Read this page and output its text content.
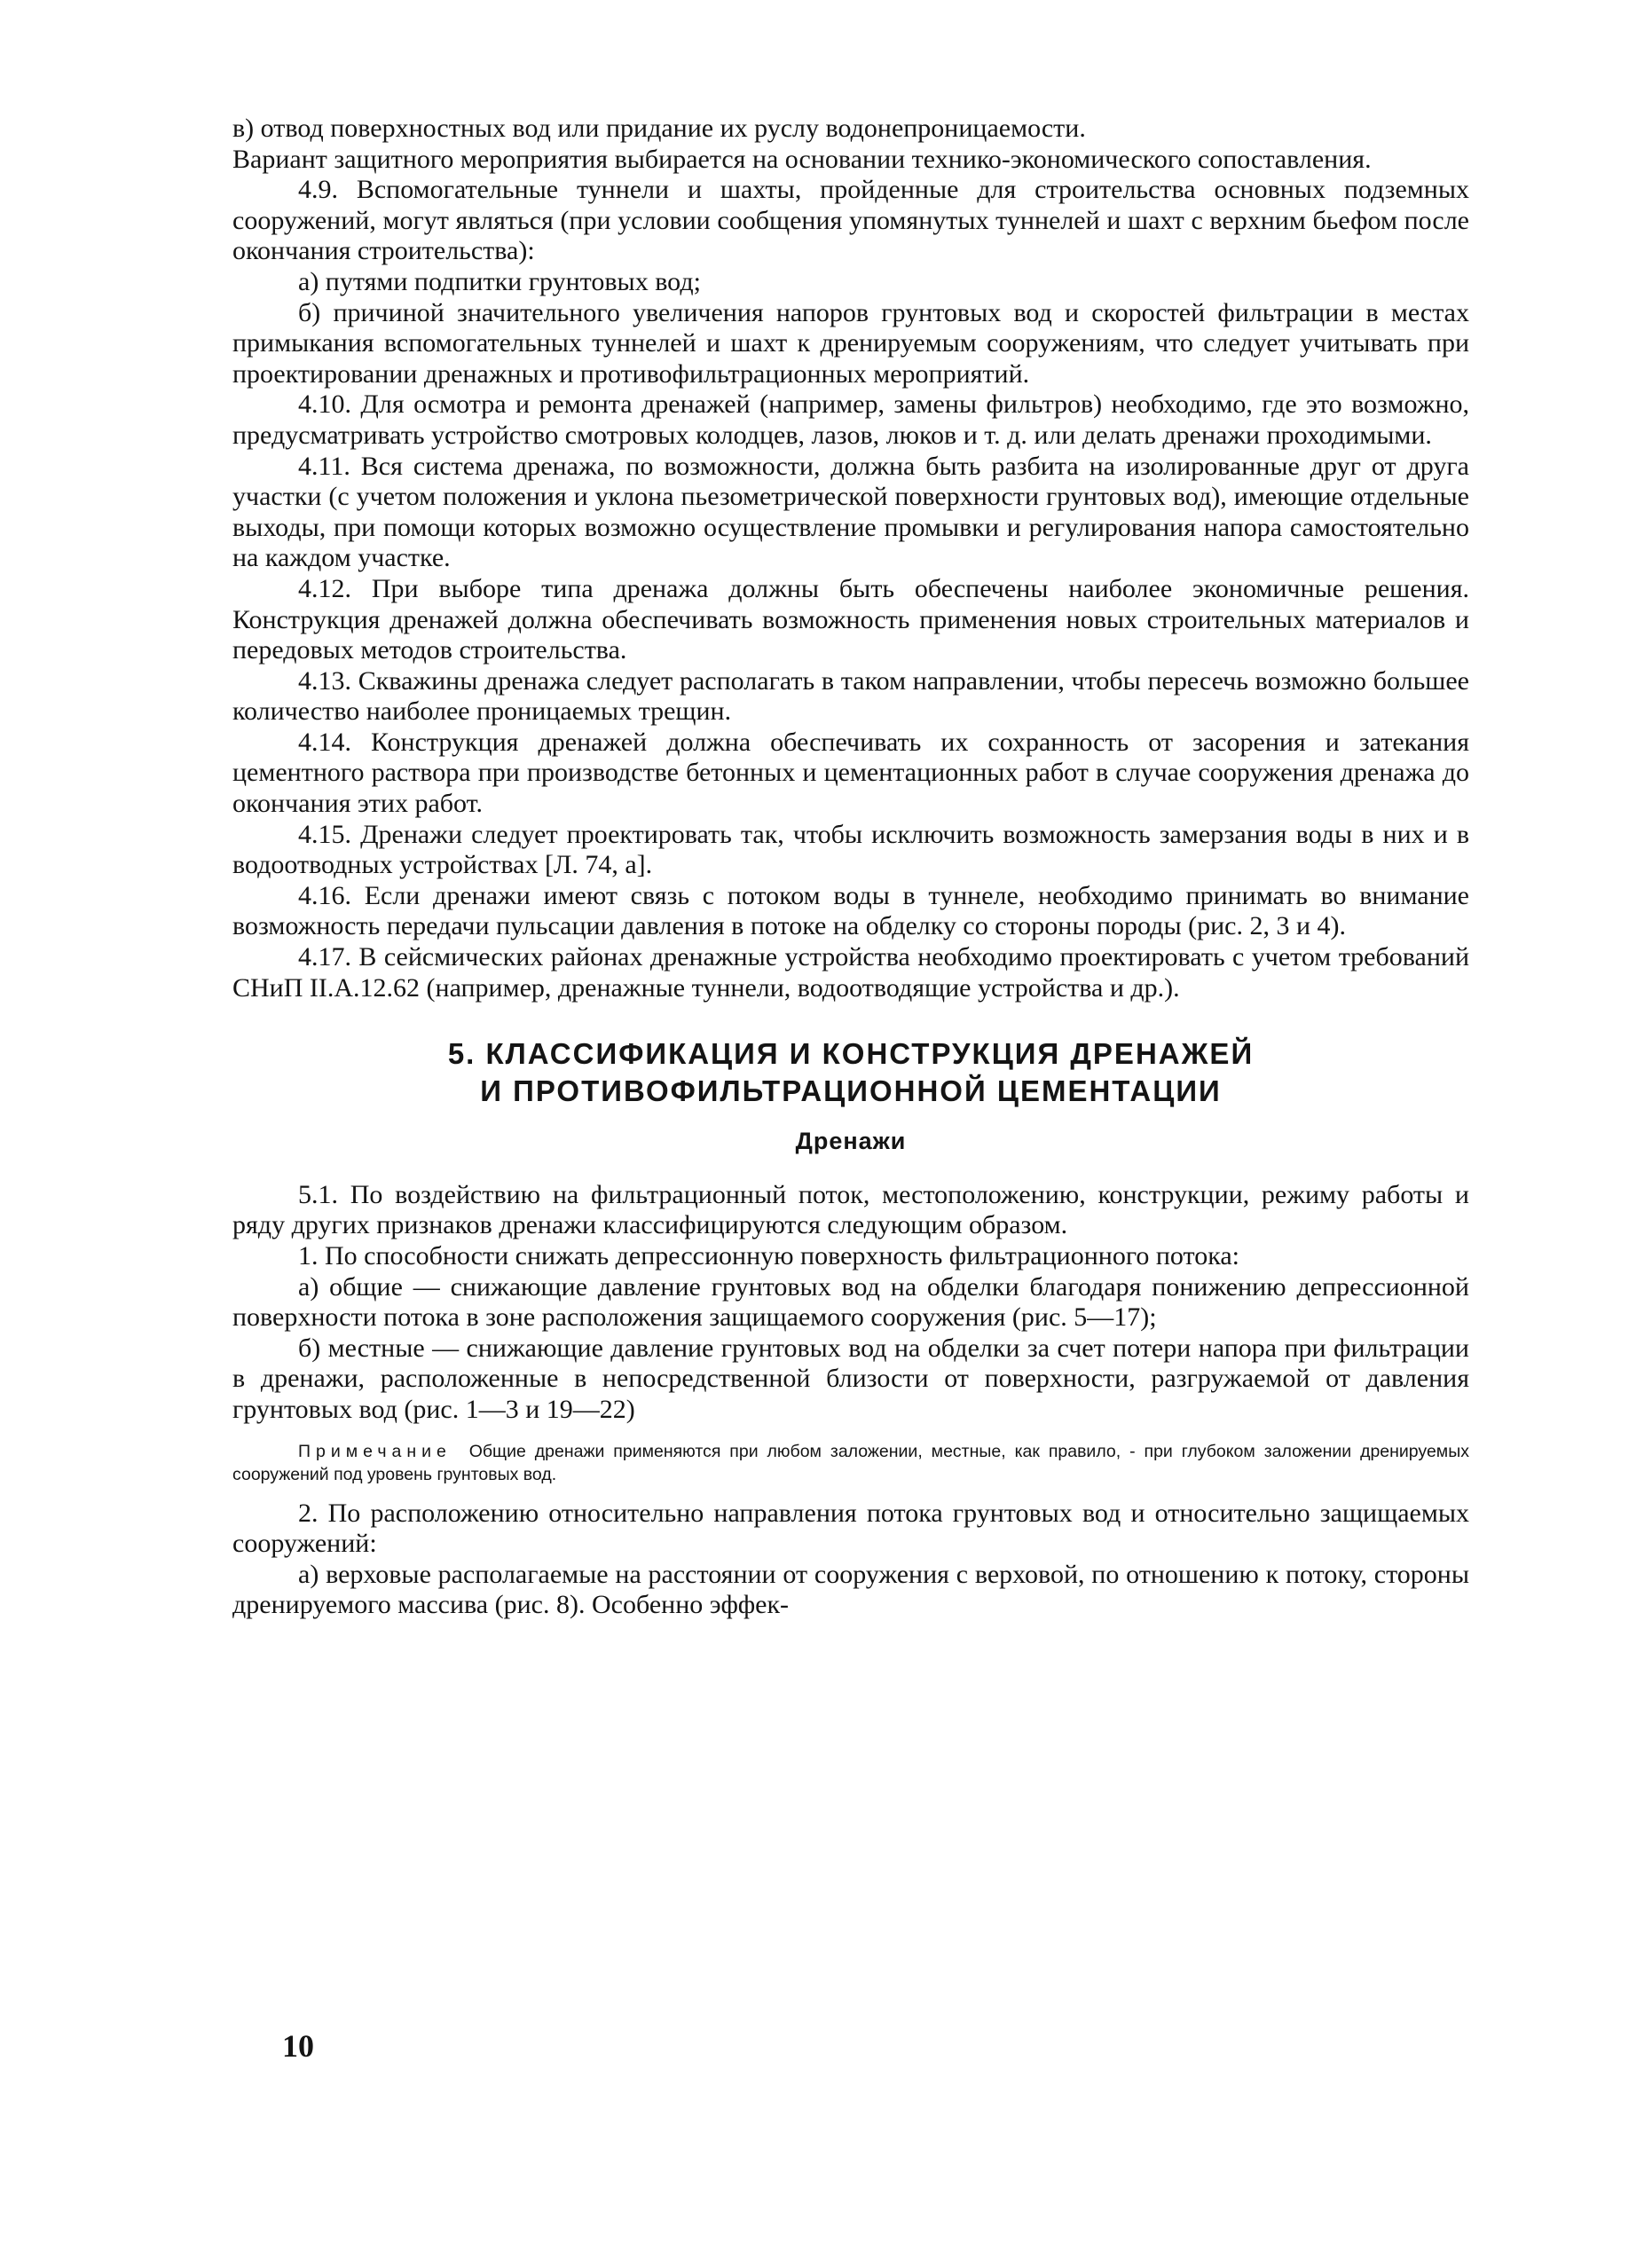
в) отвод поверхностных вод или придание их руслу водонепроницаемости.

Вариант защитного мероприятия выбирается на основании технико-экономического сопоставления.

4.9. Вспомогательные туннели и шахты, пройденные для строительства основных подземных сооружений, могут являться (при условии сообщения упомянутых туннелей и шахт с верхним бьефом после окончания строительства):

а) путями подпитки грунтовых вод;

б) причиной значительного увеличения напоров грунтовых вод и скоростей фильтрации в местах примыкания вспомогательных туннелей и шахт к дренируемым сооружениям, что следует учитывать при проектировании дренажных и противофильтрационных мероприятий.

4.10. Для осмотра и ремонта дренажей (например, замены фильтров) необходимо, где это возможно, предусматривать устройство смотровых колодцев, лазов, люков и т. д. или делать дренажи проходимыми.

4.11. Вся система дренажа, по возможности, должна быть разбита на изолированные друг от друга участки (с учетом положения и уклона пьезометрической поверхности грунтовых вод), имеющие отдельные выходы, при помощи которых возможно осуществление промывки и регулирования напора самостоятельно на каждом участке.

4.12. При выборе типа дренажа должны быть обеспечены наиболее экономичные решения. Конструкция дренажей должна обеспечивать возможность применения новых строительных материалов и передовых методов строительства.

4.13. Скважины дренажа следует располагать в таком направлении, чтобы пересечь возможно большее количество наиболее проницаемых трещин.

4.14. Конструкция дренажей должна обеспечивать их сохранность от засорения и затекания цементного раствора при производстве бетонных и цементационных работ в случае сооружения дренажа до окончания этих работ.

4.15. Дренажи следует проектировать так, чтобы исключить возможность замерзания воды в них и в водоотводных устройствах [Л. 74, а].

4.16. Если дренажи имеют связь с потоком воды в туннеле, необходимо принимать во внимание возможность передачи пульсации давления в потоке на обделку со стороны породы (рис. 2, 3 и 4).

4.17. В сейсмических районах дренажные устройства необходимо проектировать с учетом требований СНиП II.А.12.62 (например, дренажные туннели, водоотводящие устройства и др.).

5. КЛАССИФИКАЦИЯ И КОНСТРУКЦИЯ ДРЕНАЖЕЙ
И ПРОТИВОФИЛЬТРАЦИОННОЙ ЦЕМЕНТАЦИИ
Дренажи

5.1. По воздействию на фильтрационный поток, местоположению, конструкции, режиму работы и ряду других признаков дренажи классифицируются следующим образом.

1. По способности снижать депрессионную поверхность фильтрационного потока:

а) общие — снижающие давление грунтовых вод на обделки благодаря понижению депрессионной поверхности потока в зоне расположения защищаемого сооружения (рис. 5—17);

б) местные — снижающие давление грунтовых вод на обделки за счет потери напора при фильтрации в дренажи, расположенные в непосредственной близости от поверхности, разгружаемой от давления грунтовых вод (рис. 1—3 и 19—22)

Примечание Общие дренажи применяются при любом заложении, местные, как правило, - при глубоком заложении дренируемых сооружений под уровень грунтовых вод.

2. По расположению относительно направления потока грунтовых вод и относительно защищаемых сооружений:

а) верховые располагаемые на расстоянии от сооружения с верховой, по отношению к потоку, стороны дренируемого массива (рис. 8). Особенно эффек-

10
